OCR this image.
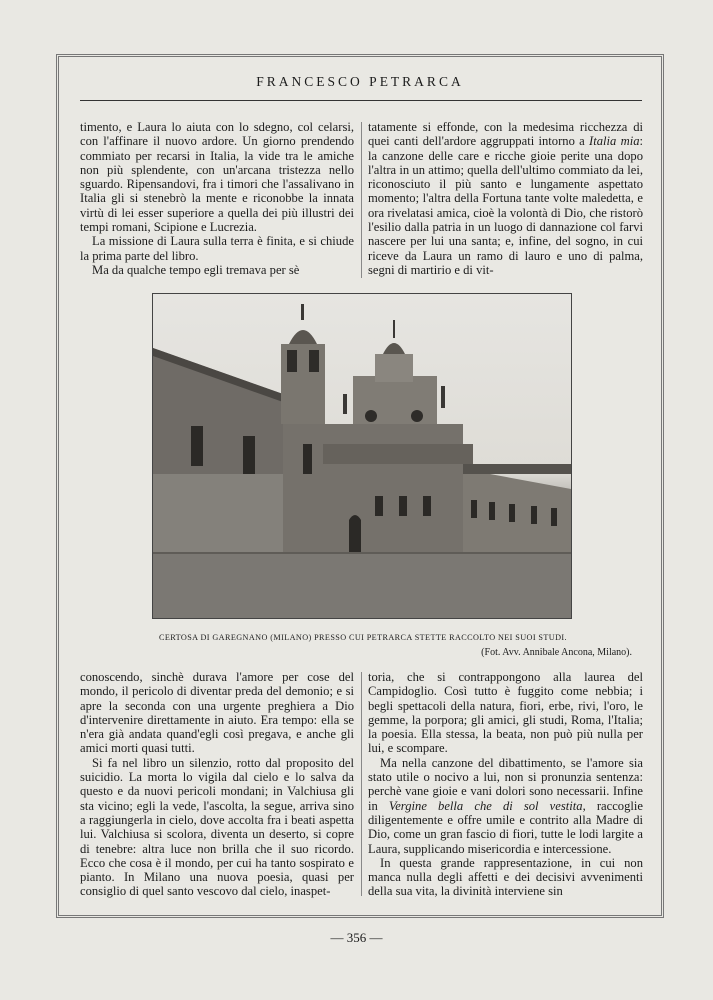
FRANCESCO PETRARCA

timento, e Laura lo aiuta con lo sdegno, col celarsi, con l'affinare il nuovo ardore. Un giorno prendendo commiato per recarsi in Italia, la vide tra le amiche non più splendente, con un'arcana tristezza nello sguardo. Ripensandovi, fra i timori che l'assalivano in Italia gli si stenebrò la mente e riconobbe la innata virtù di lei esser superiore a quella dei più illustri dei tempi romani, Scipione e Lucrezia.

La missione di Laura sulla terra è finita, e si chiude la prima parte del libro.

Ma da qualche tempo egli tremava per sè

tatamente si effonde, con la medesima ricchezza di quei canti dell'ardore aggruppati intorno a Italia mia: la canzone delle care e ricche gioie perite una dopo l'altra in un attimo; quella dell'ultimo commiato da lei, riconosciuto il più santo e lungamente aspettato momento; l'altra della Fortuna tante volte maledetta, e ora rivelatasi amica, cioè la volontà di Dio, che ristorò l'esilio dalla patria in un luogo di dannazione col farvi nascere per lui una santa; e, infine, del sogno, in cui riceve da Laura un ramo di lauro e uno di palma, segni di martirio e di vit-

CERTOSA DI GAREGNANO (MILANO) PRESSO CUI PETRARCA STETTE RACCOLTO NEI SUOI STUDI.
(Fot. Avv. Annibale Ancona, Milano).

conoscendo, sinchè durava l'amore per cose del mondo, il pericolo di diventar preda del demonio; e si apre la seconda con una urgente preghiera a Dio d'intervenire direttamente in aiuto. Era tempo: ella se n'era già andata quand'egli così pregava, e anche gli amici morti quasi tutti.

Si fa nel libro un silenzio, rotto dal proposito del suicidio. La morta lo vigila dal cielo e lo salva da questo e da nuovi pericoli mondani; in Valchiusa gli sta vicino; egli la vede, l'ascolta, la segue, arriva sino a raggiungerla in cielo, dove accolta fra i beati aspetta lui. Valchiusa si scolora, diventa un deserto, si copre di tenebre: altra luce non brilla che il suo ricordo. Ecco che cosa è il mondo, per cui ha tanto sospirato e pianto. In Milano una nuova poesia, quasi per consiglio di quel santo vescovo dal cielo, inaspet-

toria, che si contrappongono alla laurea del Campidoglio. Così tutto è fuggito come nebbia; i begli spettacoli della natura, fiori, erbe, rivi, l'oro, le gemme, la porpora; gli amici, gli studi, Roma, l'Italia; la poesia. Ella stessa, la beata, non può più nulla per lui, e scompare.

Ma nella canzone del dibattimento, se l'amore sia stato utile o nocivo a lui, non si pronunzia sentenza: perchè vane gioie e vani dolori sono necessarii. Infine in Vergine bella che di sol vestita, raccoglie diligentemente e offre umile e contrito alla Madre di Dio, come un gran fascio di fiori, tutte le lodi largite a Laura, supplicando misericordia e intercessione.

In questa grande rappresentazione, in cui non manca nulla degli affetti e dei decisivi avvenimenti della sua vita, la divinità interviene sin

— 356 —
